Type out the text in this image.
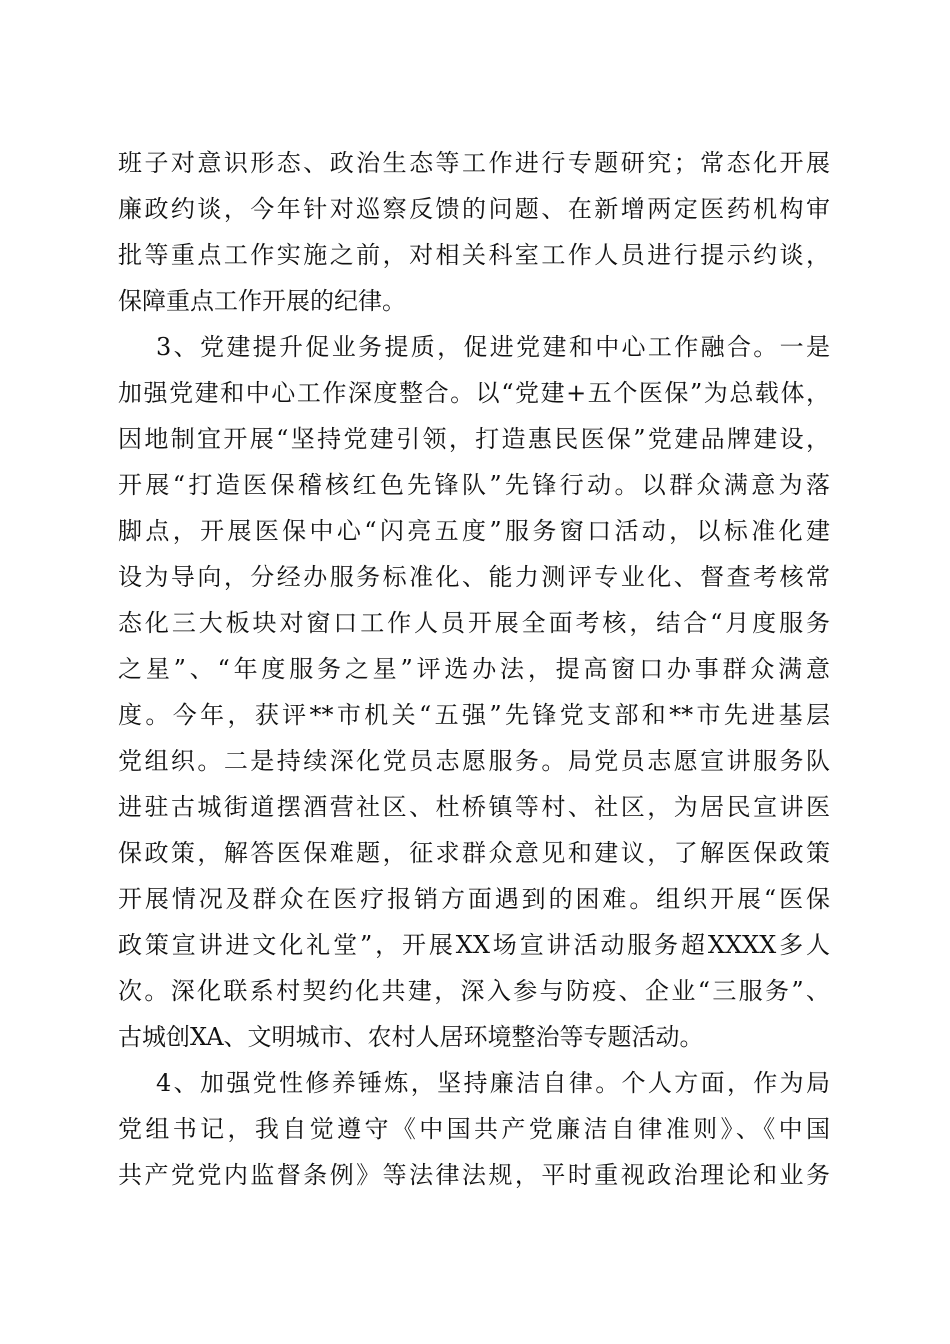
班子对意识形态、政治生态等工作进行专题研究；常态化开展
廉政约谈，今年针对巡察反馈的问题、在新增两定医药机构审
批等重点工作实施之前，对相关科室工作人员进行提示约谈，
保障重点工作开展的纪律。
3、党建提升促业务提质，促进党建和中心工作融合。一是
加强党建和中心工作深度整合。以“党建+五个医保”为总载体，
因地制宜开展“坚持党建引领，打造惠民医保”党建品牌建设，
开展“打造医保稽核红色先锋队”先锋行动。以群众满意为落
脚点，开展医保中心“闪亮五度”服务窗口活动，以标准化建
设为导向，分经办服务标准化、能力测评专业化、督查考核常
态化三大板块对窗口工作人员开展全面考核，结合“月度服务
之星”、“年度服务之星”评选办法，提高窗口办事群众满意
度。今年，获评**市机关“五强”先锋党支部和**市先进基层
党组织。二是持续深化党员志愿服务。局党员志愿宣讲服务队
进驻古城街道摆酒营社区、杜桥镇等村、社区，为居民宣讲医
保政策，解答医保难题，征求群众意见和建议，了解医保政策
开展情况及群众在医疗报销方面遇到的困难。组织开展“医保
政策宣讲进文化礼堂”，开展XX场宣讲活动服务超XXXX多人
次。深化联系村契约化共建，深入参与防疫、企业“三服务”、
古城创XA、文明城市、农村人居环境整治等专题活动。
4、加强党性修养锤炼，坚持廉洁自律。个人方面，作为局
党组书记，我自觉遵守《中国共产党廉洁自律准则》、《中国
共产党党内监督条例》等法律法规，平时重视政治理论和业务
